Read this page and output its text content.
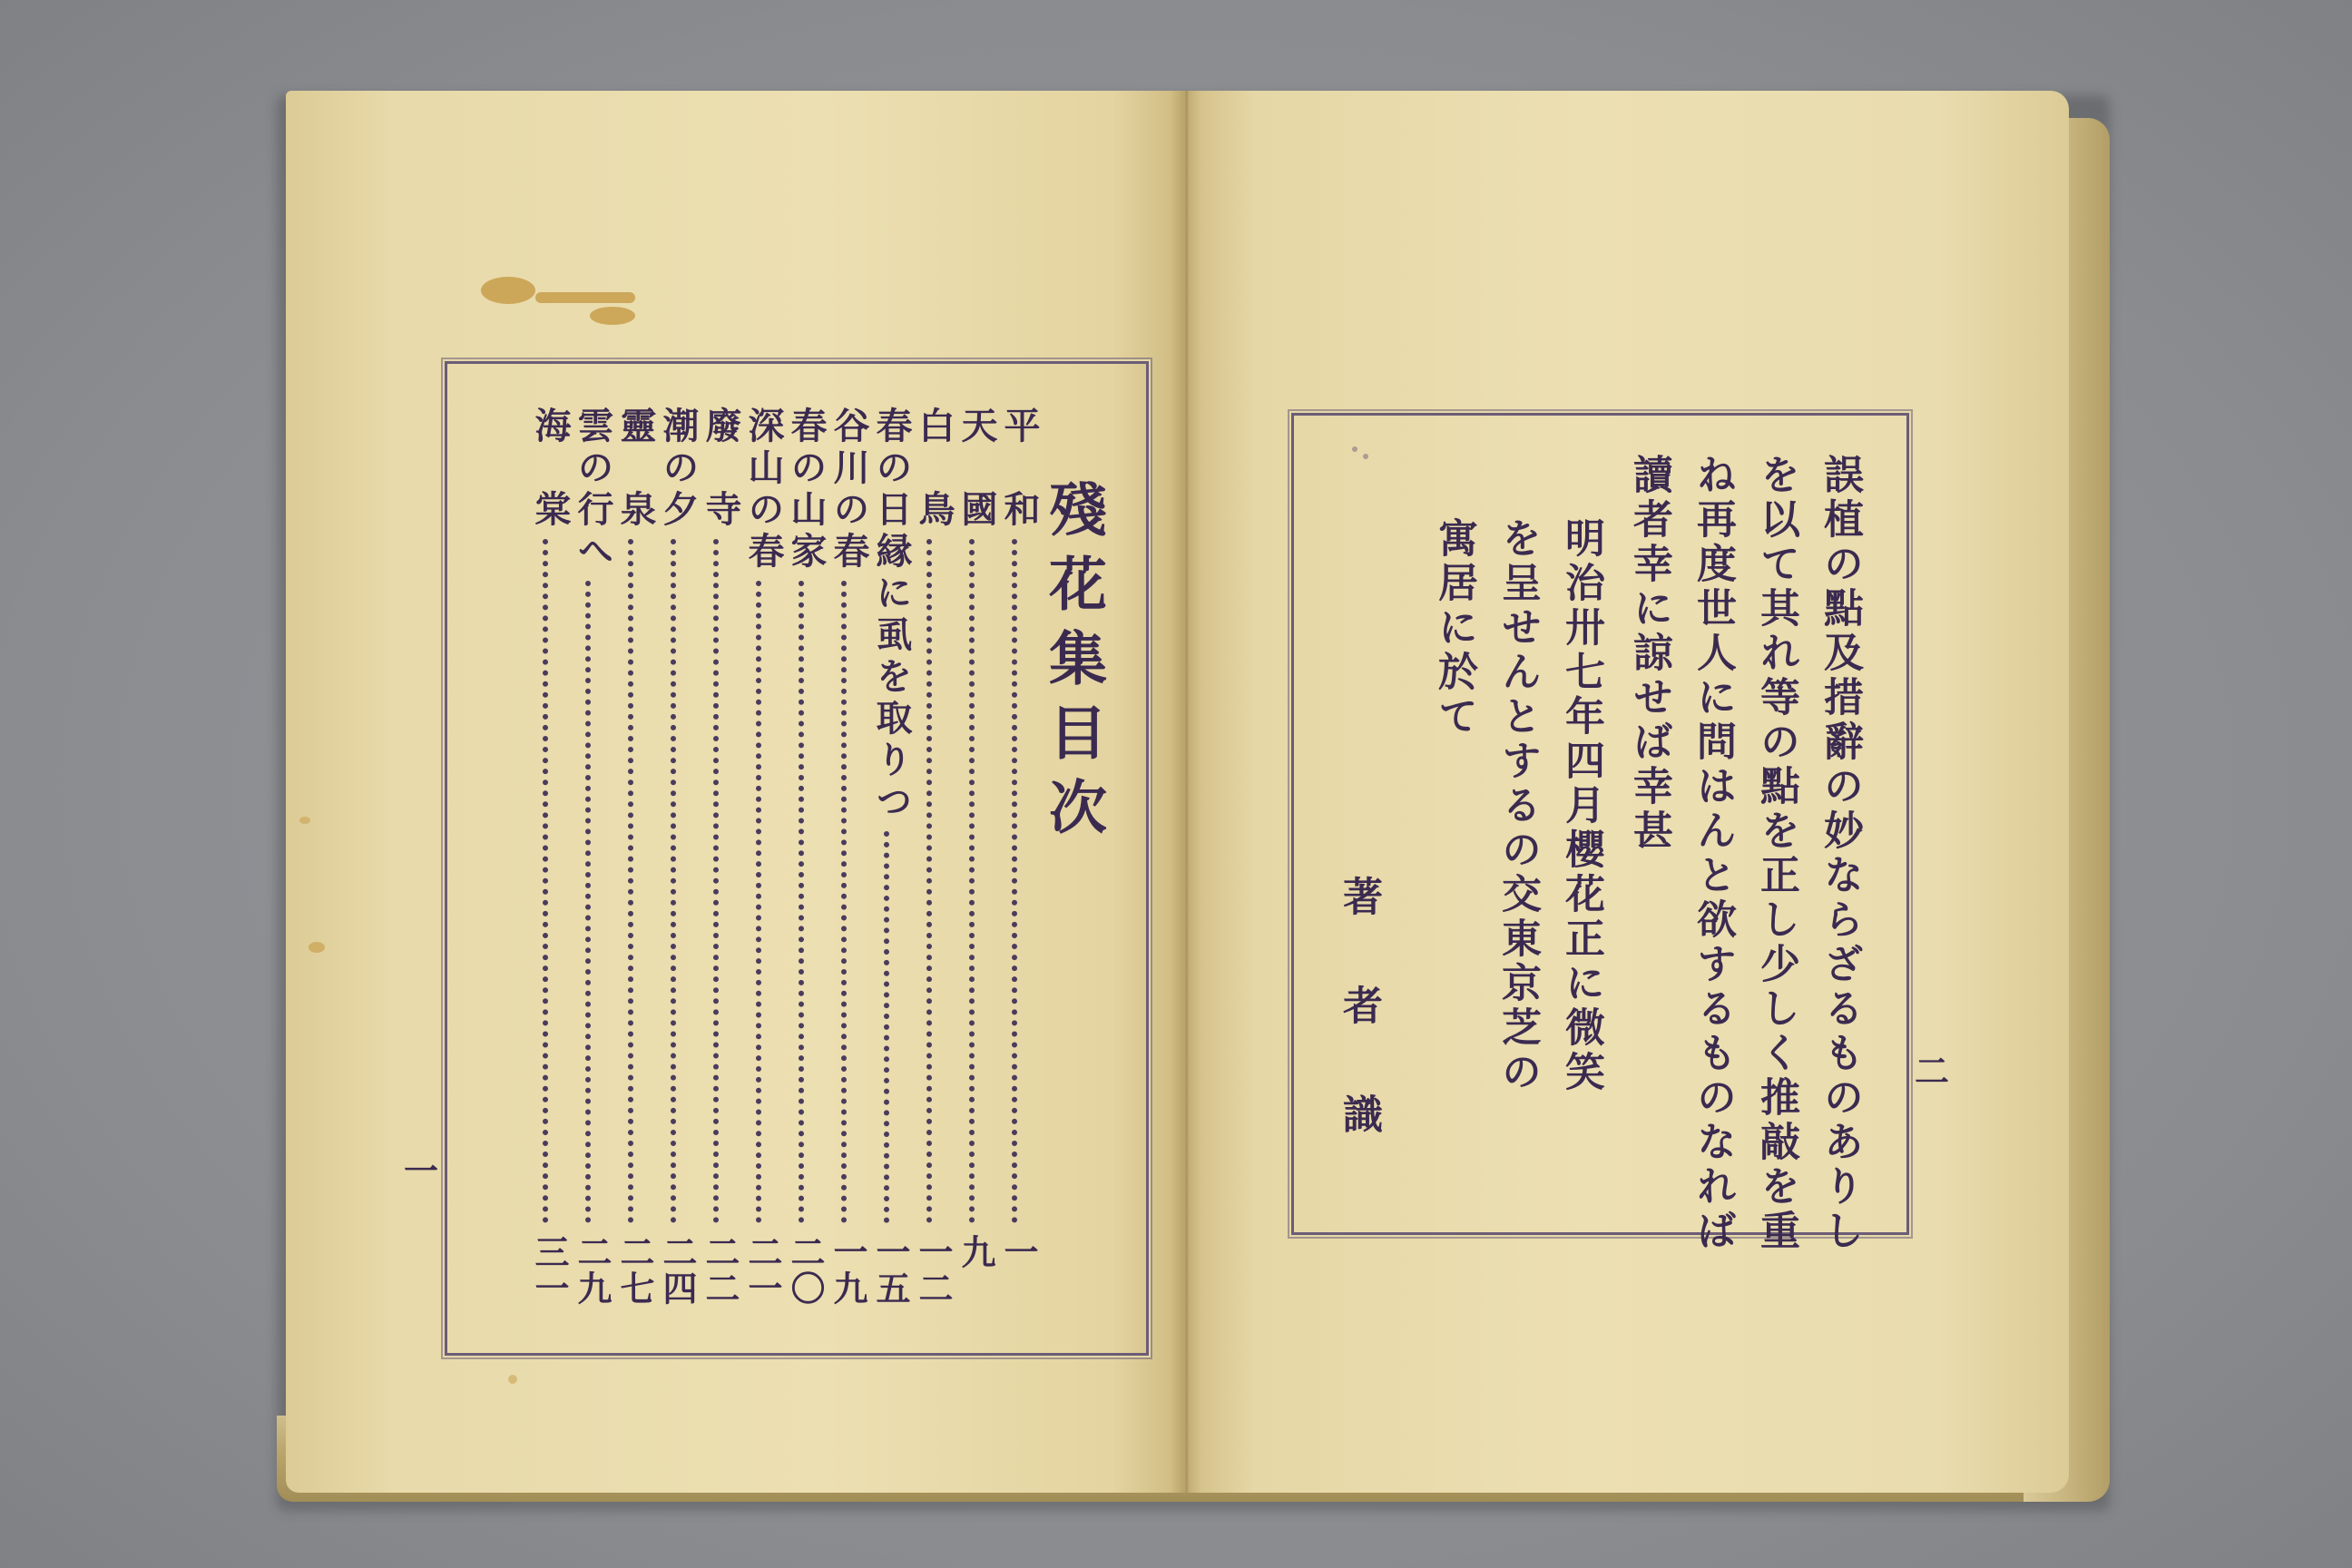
殘花集目次
平　和
一
天　國
九
白　鳥
一二
春の日縁に虱を取りつ
一五
谷川の春
一九
春の山家
二〇
深山の春
二一
廢　寺
二二
潮の夕
二四
靈　泉
二七
雲の行へ
二九
海　棠
三一
一	誤植の點及措辭の妙ならざるものありし
を以て其れ等の點を正し少しく推敲を重
ね再度世人に問はんと欲するものなれば
讀者幸に諒せば幸甚
明治卅七年四月櫻花正に微笑
を呈せんとするの交東京芝の
寓居に於て
著　者　識	二
